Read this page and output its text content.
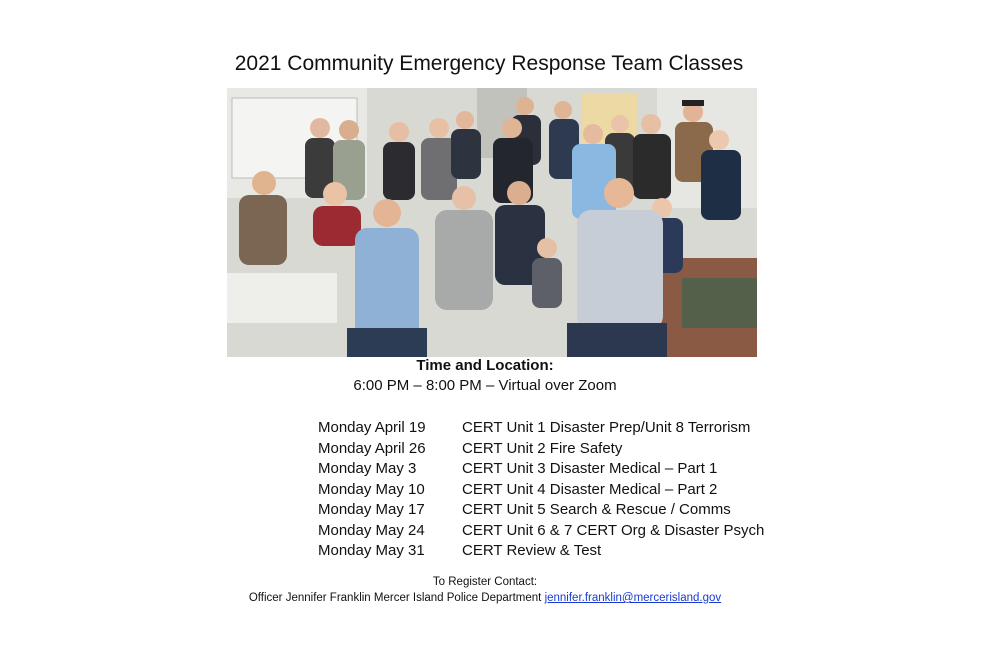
2021 Community Emergency Response Team Classes
Time and Location:
6:00 PM – 8:00 PM – Virtual over Zoom
Monday April 19	CERT Unit 1 Disaster Prep/Unit 8 Terrorism
Monday April 26	CERT Unit 2 Fire Safety
Monday May 3	CERT Unit 3 Disaster Medical – Part 1
Monday May 10	CERT Unit 4 Disaster Medical – Part 2
Monday May 17	CERT Unit 5 Search & Rescue / Comms
Monday May 24	CERT Unit 6 & 7 CERT Org & Disaster Psych
Monday May 31	CERT Review & Test
To Register Contact:
Officer Jennifer Franklin Mercer Island Police Department jennifer.franklin@mercerisland.gov
